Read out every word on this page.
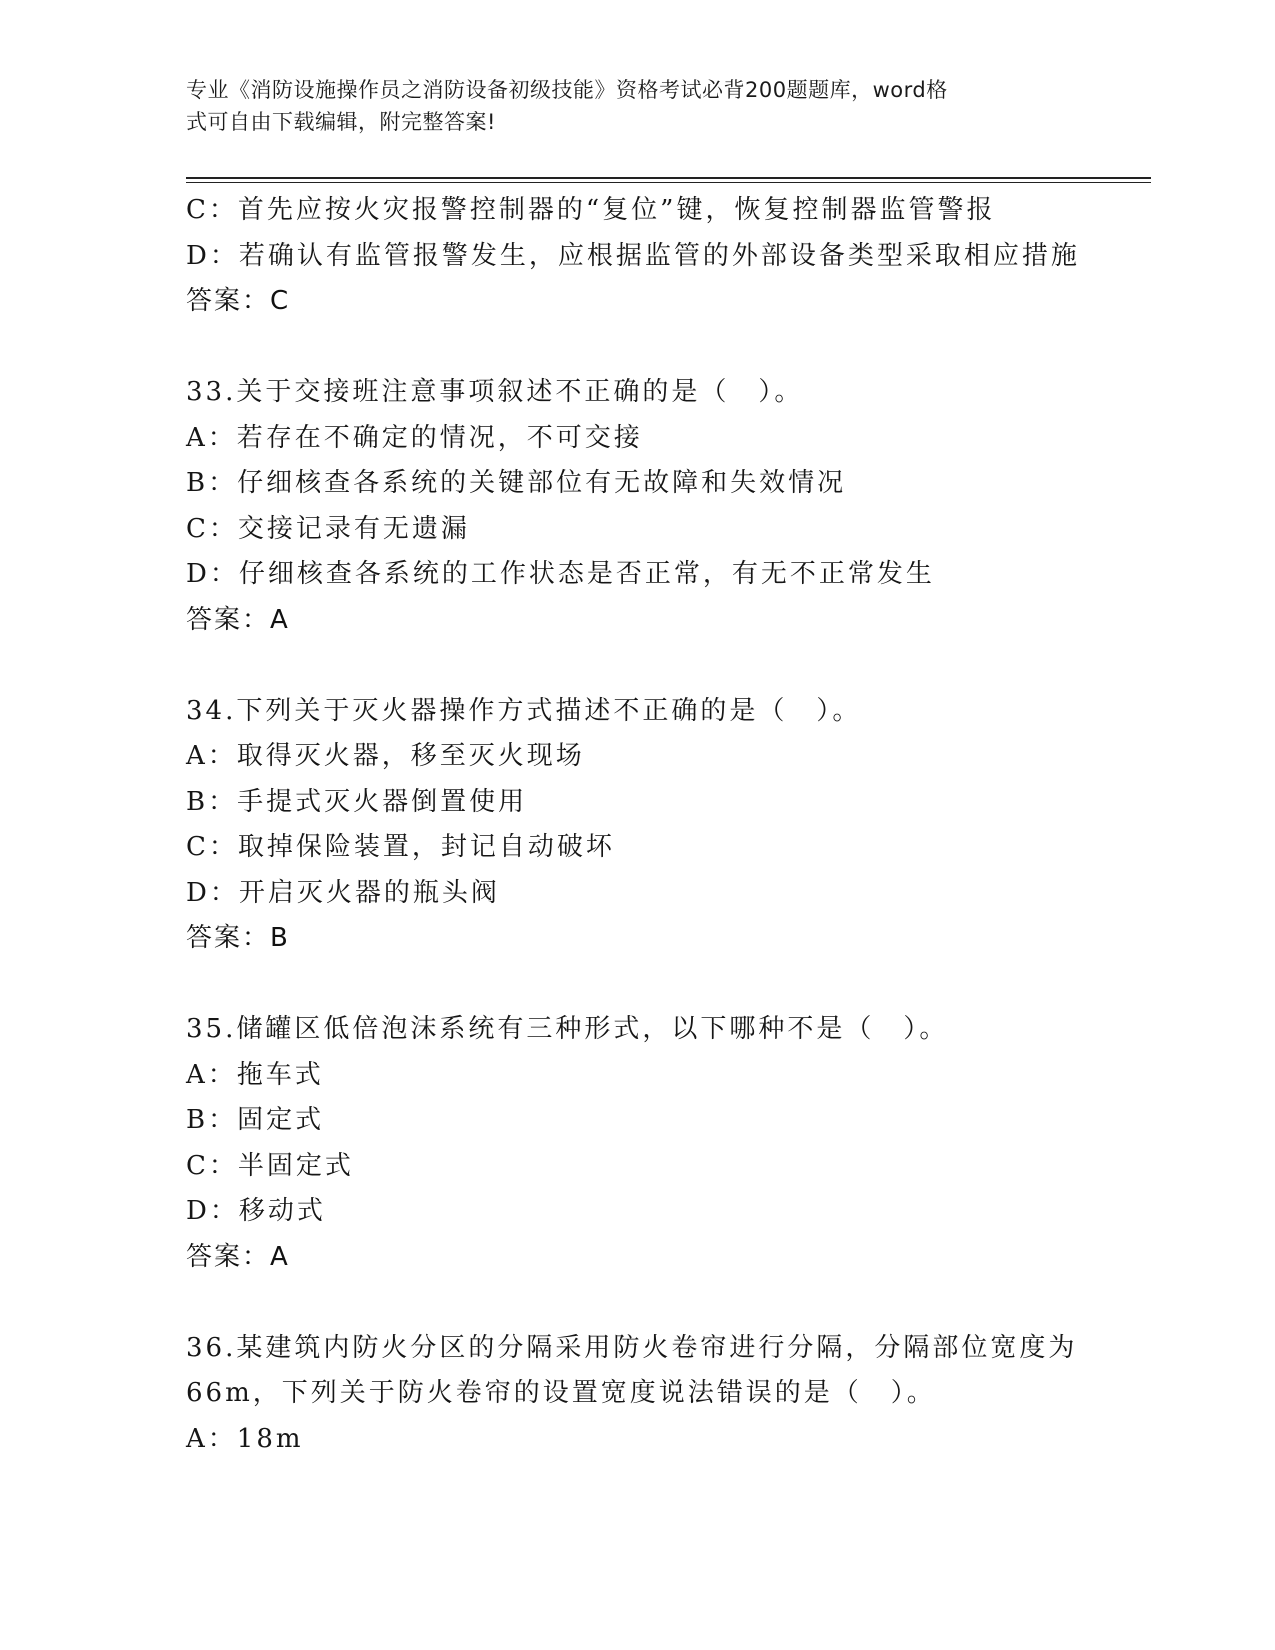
专业《消防设施操作员之消防设备初级技能》资格考试必背200题题库，word格
式可自由下载编辑，附完整答案!
C：首先应按火灾报警控制器的“复位”键，恢复控制器监管警报
D：若确认有监管报警发生，应根据监管的外部设备类型采取相应措施
答案：C
33.关于交接班注意事项叙述不正确的是（　）。
A：若存在不确定的情况，不可交接
B：仔细核查各系统的关键部位有无故障和失效情况
C：交接记录有无遗漏
D：仔细核查各系统的工作状态是否正常，有无不正常发生
答案：A
34.下列关于灭火器操作方式描述不正确的是（　）。
A：取得灭火器，移至灭火现场
B：手提式灭火器倒置使用
C：取掉保险装置，封记自动破坏
D：开启灭火器的瓶头阀
答案：B
35.储罐区低倍泡沫系统有三种形式，以下哪种不是（　）。
A：拖车式
B：固定式
C：半固定式
D：移动式
答案：A
36.某建筑内防火分区的分隔采用防火卷帘进行分隔，分隔部位宽度为
66m，下列关于防火卷帘的设置宽度说法错误的是（　）。
A：18m
